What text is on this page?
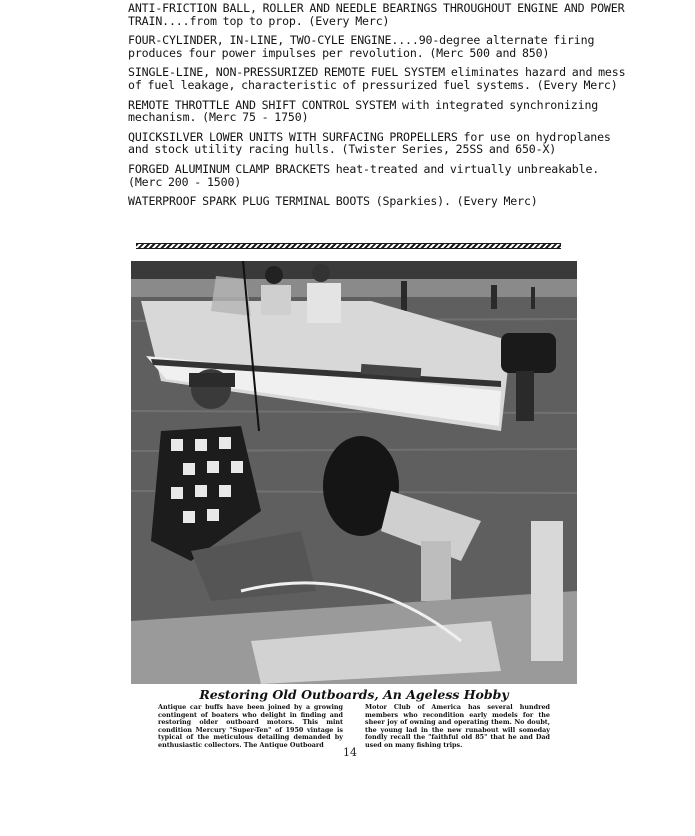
ANTI-FRICTION BALL, ROLLER AND NEEDLE BEARINGS THROUGHOUT ENGINE AND POWER TRAIN....from top to prop. (Every Merc)

FOUR-CYLINDER, IN-LINE, TWO-CYLE ENGINE....90-degree alternate firing produces four power impulses per revolution. (Merc 500 and 850)

SINGLE-LINE, NON-PRESSURIZED REMOTE FUEL SYSTEM eliminates hazard and mess of fuel leakage, characteristic of pressurized fuel systems. (Every Merc)

REMOTE THROTTLE AND SHIFT CONTROL SYSTEM with integrated synchronizing mechanism. (Merc 75 - 1750)

QUICKSILVER LOWER UNITS WITH SURFACING PROPELLERS for use on hydroplanes and stock utility racing hulls. (Twister Series, 25SS and 650-X)

FORGED ALUMINUM CLAMP BRACKETS heat-treated and virtually unbreakable. (Merc 200 - 1500)

WATERPROOF SPARK PLUG TERMINAL BOOTS (Sparkies). (Every Merc)

Restoring Old Outboards, An Ageless Hobby
Antique car buffs have been joined by a growing contingent of boaters who delight in finding and restoring older outboard motors. This mint condition Mercury "Super-Ten" of 1950 vintage is typical of the meticulous detailing demanded by enthusiastic collectors. The Antique Outboard
Motor Club of America has several hundred members who recondition early models for the sheer joy of owning and operating them. No doubt, the young lad in the new runabout will someday fondly recall the "faithful old 85" that he and Dad used on many fishing trips.
14
